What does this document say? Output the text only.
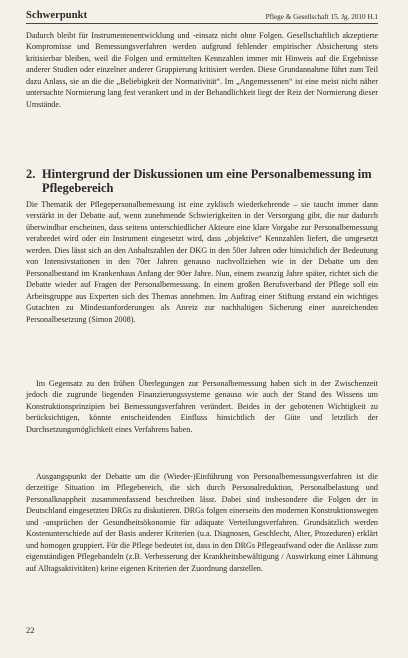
Schwerpunkt	Pflege & Gesellschaft 15. Jg. 2010 H.1

Dadurch bleibt für Instrumentenentwicklung und -einsatz nicht ohne Folgen. Gesellschaftlich akzeptierte Kompromisse und Bemessungsverfahren werden aufgrund fehlender empirischer Absicherung stets kritisierbar bleiben, weil die Folgen und ermittelten Kennzahlen immer mit Hinweis auf die Ergebnisse anderer Studien oder einzelner anderer Gruppierung kritisiert werden. Diese Grundannahme führt zum Teil dazu Anlass, sie an die die „Beliebigkeit der Normativität“. Im „Angemessenen“ ist eine meist nicht näher untersuchte Normierung lang fest verankert und in der Behandlichkeit liegt der Reiz der Normierung dieser Umstände.

2. Hintergrund der Diskussionen um eine Personalbemessung im Pflegebereich

Die Thematik der Pflegepersonalbemessung ist eine zyklisch wiederkehrende – sie taucht immer dann verstärkt in der Debatte auf, wenn zunehmende Schwierigkeiten in der Versorgung gibt, die nur dadurch überwindbar erscheinen, dass seitens unterschiedlicher Akteure eine klare Vorgabe zur Personalbemessung verabredet wird oder ein Instrument eingesetzt wird, dass „objektive“ Kennzahlen liefert, die umgesetzt werden. Dies lässt sich an den Anhaltszahlen der DKG in den 50er Jahren oder hinsichtlich der Bedeutung von Intensivstationen in den 70er Jahren genauso nachvollziehen wie in der Debatte um den Personalbestand im Krankenhaus Anfang der 90er Jahre. Nun, einem zwanzig Jahre später, richtet sich die Debatte wieder auf Fragen der Personalbemessung. In einem großen Berufsverband der Pflege soll ein Arbeitsgruppe aus Experten sich des Themas annehmen. Im Auftrag einer Stiftung erstand ein wichtiges Gutachten zu Mindestanforderungen als Anreiz zur nachhaltigen Sicherung einer ausreichenden Personalbesetzung (Simon 2008).

Im Gegensatz zu den frühen Überlegungen zur Personalbemessung haben sich in der Zwischenzeit jedoch die zugrunde liegenden Finanzierungssysteme genauso wie auch der Stand des Wissens um Konstruktionsprinzipien bei Bemessungsverfahren verändert. Beides in der gebotenen Wichtigkeit zu berücksichtigen, könnte entscheidenden Einfluss hinsichtlich der Güte und letztlich der Durchsetzungsmöglichkeit eines Verfahrens haben.

Ausgangspunkt der Debatte um die (Wieder-)Einführung von Personalbemessungsverfahren ist die derzeitige Situation im Pflegebereich, die sich durch Personalreduktion, Personalbelastung und Personalknappheit zusammenfassend beschreiben lässt. Dabei sind insbesondere die Folgen der in Deutschland eingesetzten DRGs zu diskutieren. DRGs folgen einerseits den modernen Konstruktionswegen und -ansprüchen der Gesundheitsökonomie für adäquate Verteilungsverfahren. Grundsätzlich werden Kostenunterschiede auf der Basis anderer Kriterien (u.a. Diagnosen, Geschlecht, Alter, Prozeduren) erklärt und homogen gruppiert. Für die Pflege bedeutet ist, dass in den DRGs Pflegeaufwand oder die Anlässe zum eigenständigen Pflegehandeln (z.B. Verbesserung der Krankheitsbewältigung / Auswirkung einer Lähmung auf Alltagsaktivitäten) keine eigenen Kriterien der Zuordnung darstellen.

22
